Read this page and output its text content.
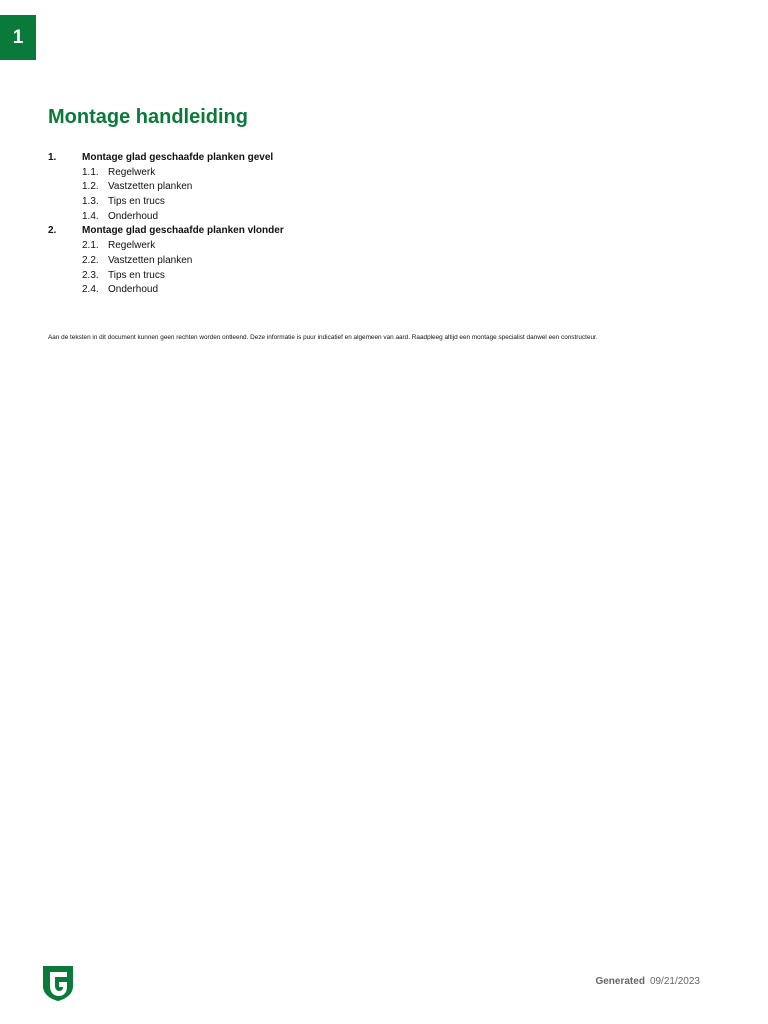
1
Montage handleiding
1.	Montage glad geschaafde planken gevel
1.1. Regelwerk
1.2. Vastzetten planken
1.3. Tips en trucs
1.4. Onderhoud
2.	Montage glad geschaafde planken vlonder
2.1. Regelwerk
2.2. Vastzetten planken
2.3. Tips en trucs
2.4. Onderhoud

Aan de teksten in dit document kunnen geen rechten worden ontleend. Deze informatie is puur indicatief en algemeen van aard. Raadpleeg altijd een montage specialist danwel een constructeur.

Generated 09/21/2023
